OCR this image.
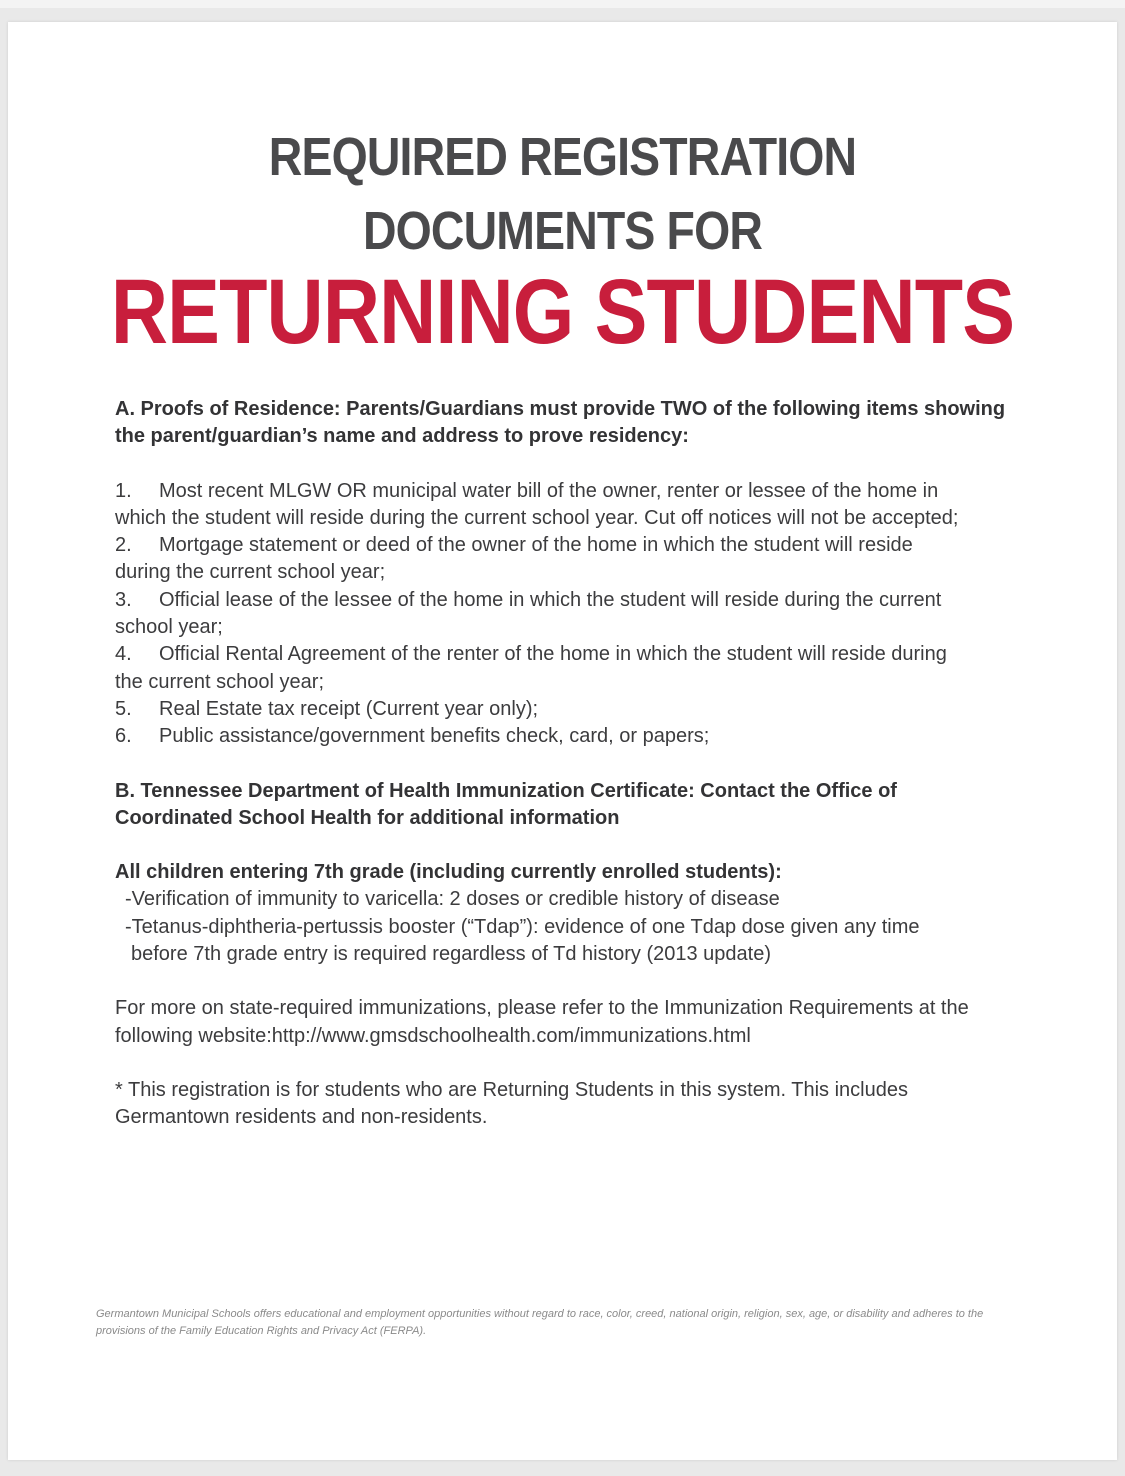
REQUIRED REGISTRATION
DOCUMENTS FOR
RETURNING STUDENTS

A. Proofs of Residence: Parents/Guardians must provide TWO of the following items showing

the parent/guardian’s name and address to prove residency:

1. Most recent MLGW OR municipal water bill of the owner, renter or lessee of the home in

which the student will reside during the current school year. Cut off notices will not be accepted;

2. Mortgage statement or deed of the owner of the home in which the student will reside

during the current school year;

3. Official lease of the lessee of the home in which the student will reside during the current

school year;

4. Official Rental Agreement of the renter of the home in which the student will reside during

the current school year;

5. Real Estate tax receipt (Current year only);

6. Public assistance/government benefits check, card, or papers;

B. Tennessee Department of Health Immunization Certificate: Contact the Office of

Coordinated School Health for additional information

All children entering 7th grade (including currently enrolled students):

-Verification of immunity to varicella: 2 doses or credible history of disease

-Tetanus-diphtheria-pertussis booster (“Tdap”): evidence of one Tdap dose given any time

before 7th grade entry is required regardless of Td history (2013 update)

For more on state-required immunizations, please refer to the Immunization Requirements at the

following website:http://www.gmsdschoolhealth.com/immunizations.html

* This registration is for students who are Returning Students in this system. This includes

Germantown residents and non-residents.

Germantown Municipal Schools offers educational and employment opportunities without regard to race, color, creed, national origin, religion, sex, age, or disability and adheres to the

provisions of the Family Education Rights and Privacy Act (FERPA).
